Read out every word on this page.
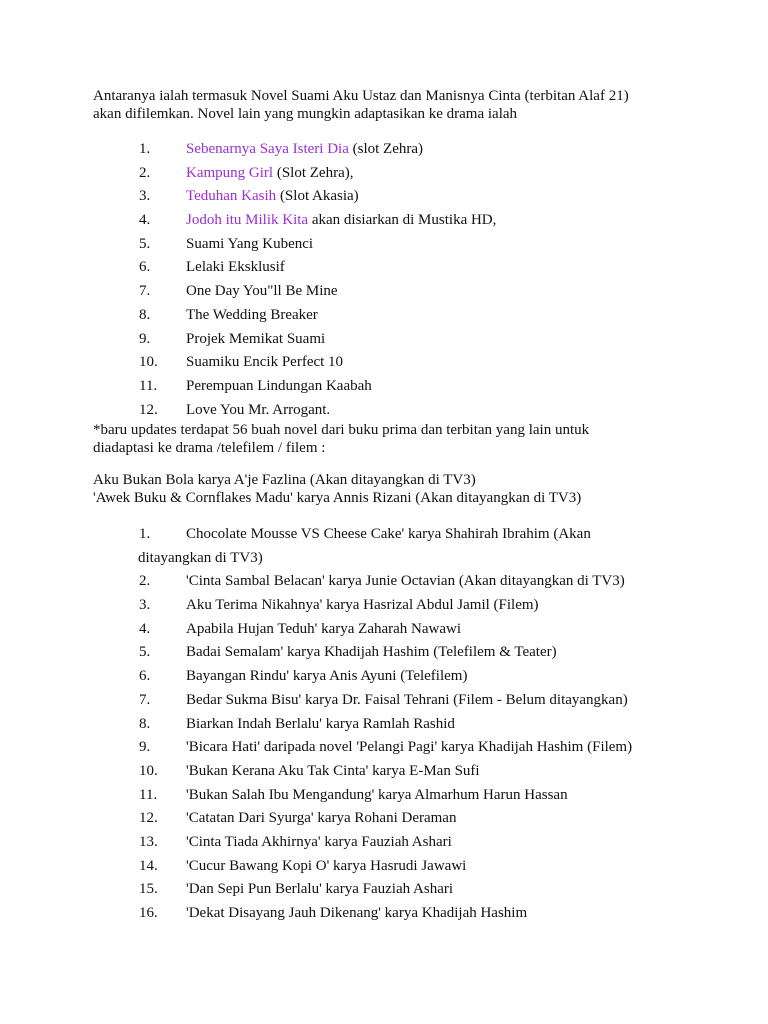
Antaranya ialah termasuk Novel Suami Aku Ustaz dan Manisnya Cinta (terbitan Alaf 21)
akan difilemkan. Novel lain yang mungkin adaptasikan ke drama ialah

1. Sebenarnya Saya Isteri Dia (slot Zehra)
2. Kampung Girl (Slot Zehra),
3. Teduhan Kasih (Slot Akasia)
4. Jodoh itu Milik Kita akan disiarkan di Mustika HD,
5. Suami Yang Kubenci
6. Lelaki Eksklusif
7. One Day You"ll Be Mine
8. The Wedding Breaker
9. Projek Memikat Suami
10. Suamiku Encik Perfect 10
11. Perempuan Lindungan Kaabah
12. Love You Mr. Arrogant.

*baru updates terdapat 56 buah novel dari buku prima dan terbitan yang lain untuk
diadaptasi ke drama /telefilem / filem :

Aku Bukan Bola karya A'je Fazlina (Akan ditayangkan di TV3)
'Awek Buku & Cornflakes Madu' karya Annis Rizani (Akan ditayangkan di TV3)

1. Chocolate Mousse VS Cheese Cake' karya Shahirah Ibrahim (Akan
ditayangkan di TV3)
2. 'Cinta Sambal Belacan' karya Junie Octavian (Akan ditayangkan di TV3)
3. Aku Terima Nikahnya' karya Hasrizal Abdul Jamil (Filem)
4. Apabila Hujan Teduh' karya Zaharah Nawawi
5. Badai Semalam' karya Khadijah Hashim (Telefilem & Teater)
6. Bayangan Rindu' karya Anis Ayuni (Telefilem)
7. Bedar Sukma Bisu' karya Dr. Faisal Tehrani (Filem - Belum ditayangkan)
8. Biarkan Indah Berlalu' karya Ramlah Rashid
9. 'Bicara Hati' daripada novel 'Pelangi Pagi' karya Khadijah Hashim (Filem)
10. 'Bukan Kerana Aku Tak Cinta' karya E-Man Sufi
11. 'Bukan Salah Ibu Mengandung' karya Almarhum Harun Hassan
12. 'Catatan Dari Syurga' karya Rohani Deraman
13. 'Cinta Tiada Akhirnya' karya Fauziah Ashari
14. 'Cucur Bawang Kopi O' karya Hasrudi Jawawi
15. 'Dan Sepi Pun Berlalu' karya Fauziah Ashari
16. 'Dekat Disayang Jauh Dikenang' karya Khadijah Hashim
